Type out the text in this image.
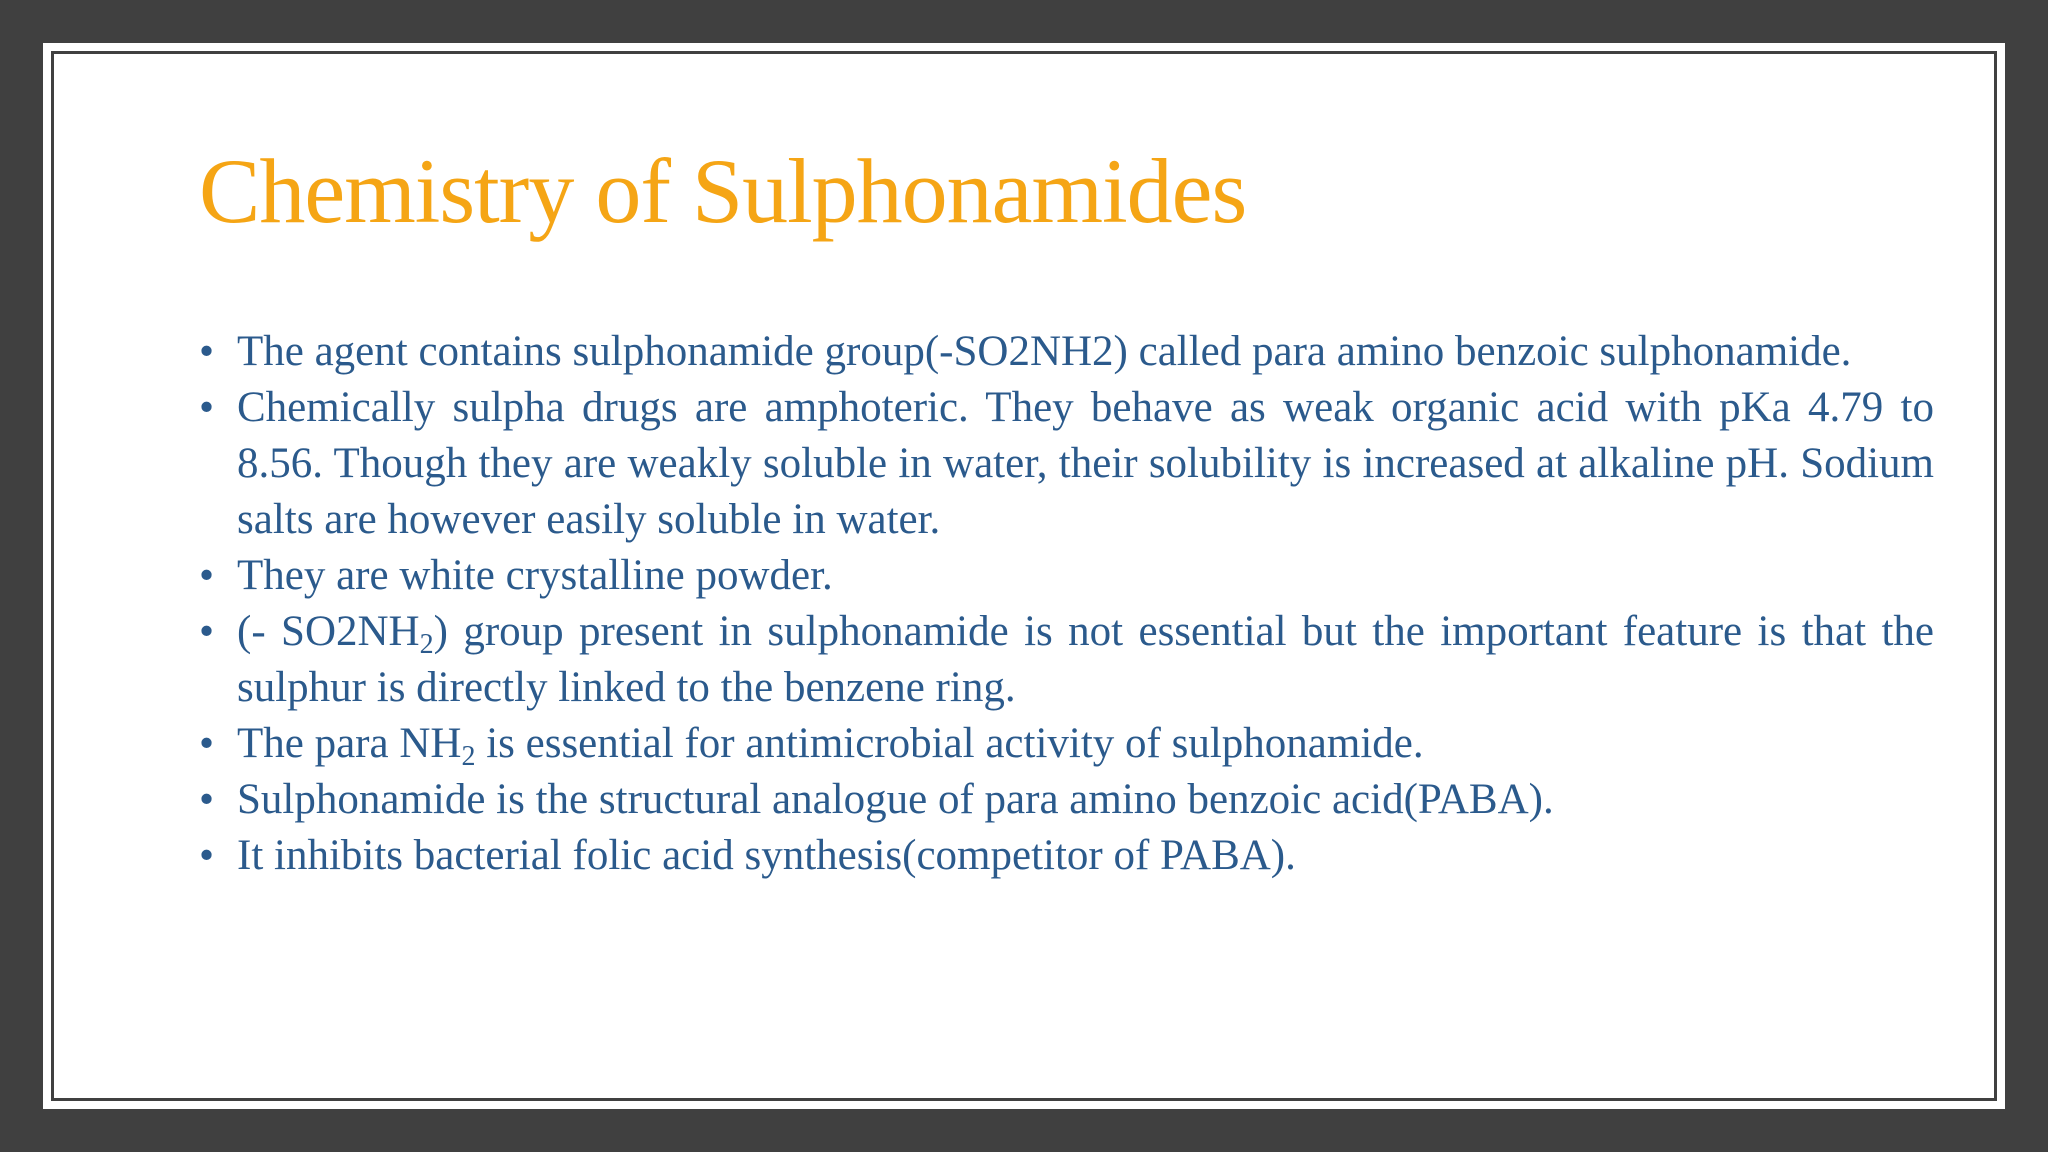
Chemistry of Sulphonamides
• The agent contains sulphonamide group(-SO2NH2) called para amino benzoic sulphonamide.
• Chemically sulpha drugs are amphoteric. They behave as weak organic acid with pKa 4.79 to 8.56. Though they are weakly soluble in water, their solubility is increased at alkaline pH. Sodium salts are however easily soluble in water.
• They are white crystalline powder.
• (- $SO2NH_2$) group present in sulphonamide is not essential but the important feature is that the sulphur is directly linked to the benzene ring.
• The para $NH_2$ is essential for antimicrobial activity of sulphonamide.
• Sulphonamide is the structural analogue of para amino benzoic acid(PABA).
• It inhibits bacterial folic acid synthesis(competitor of PABA).
